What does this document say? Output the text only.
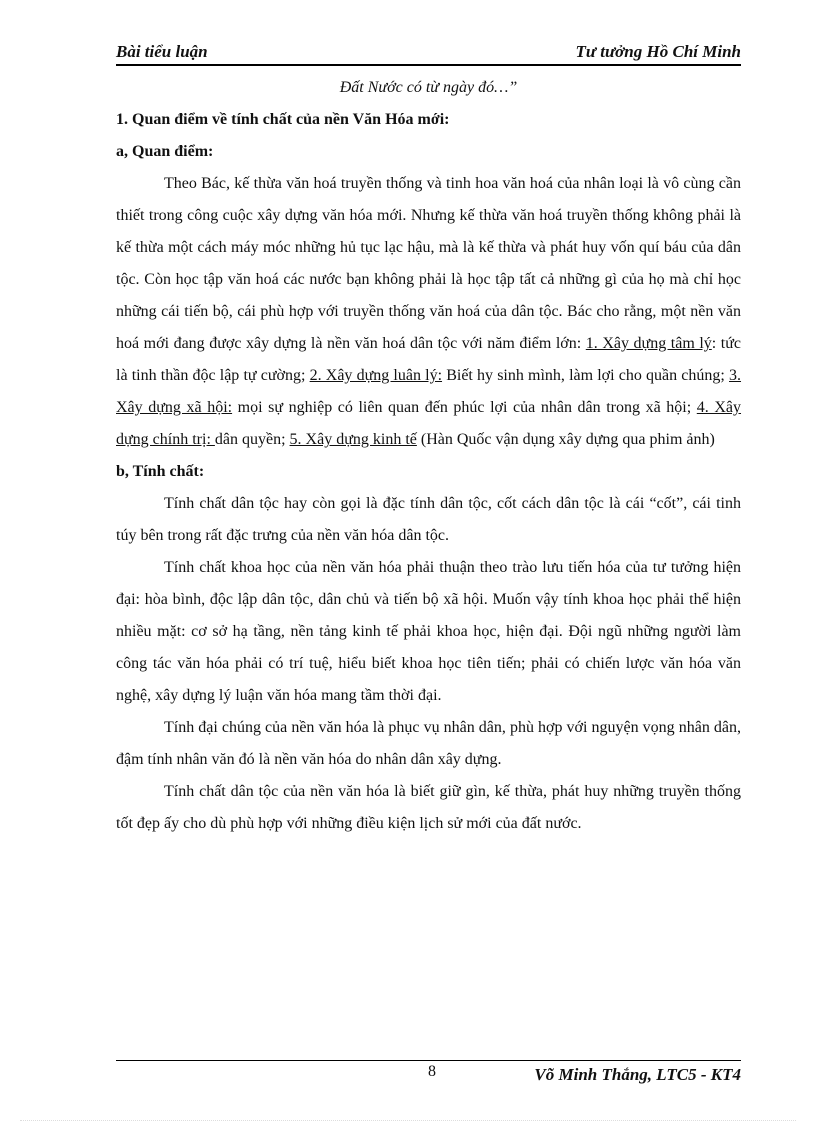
Bài tiểu luận	Tư tưởng Hồ Chí Minh
Đất Nước có từ ngày đó…”
1. Quan điểm về tính chất của nền Văn Hóa mới:
a, Quan điểm:
Theo Bác, kế thừa văn hoá truyền thống và tinh hoa văn hoá của nhân loại là vô cùng cần thiết trong công cuộc xây dựng văn hóa mới. Nhưng kế thừa văn hoá truyền thống không phải là kế thừa một cách máy móc những hủ tục lạc hậu, mà là kế thừa và phát huy vốn quí báu của dân tộc. Còn học tập văn hoá các nước bạn không phải là học tập tất cả những gì của họ mà chỉ học những cái tiến bộ, cái phù hợp với truyền thống văn hoá của dân tộc. Bác cho rằng, một nền văn hoá mới đang được xây dựng là nền văn hoá dân tộc với năm điểm lớn: 1. Xây dựng tâm lý: tức là tinh thần độc lập tự cường; 2. Xây dựng luân lý: Biết hy sinh mình, làm lợi cho quần chúng; 3. Xây dựng xã hội: mọi sự nghiệp có liên quan đến phúc lợi của nhân dân trong xã hội; 4. Xây dựng chính trị: dân quyền; 5. Xây dựng kinh tế (Hàn Quốc vận dụng xây dựng qua phim ảnh)
b, Tính chất:
Tính chất dân tộc hay còn gọi là đặc tính dân tộc, cốt cách dân tộc là cái “cốt”, cái tinh túy bên trong rất đặc trưng của nền văn hóa dân tộc.
Tính chất khoa học của nền văn hóa phải thuận theo trào lưu tiến hóa của tư tưởng hiện đại: hòa bình, độc lập dân tộc, dân chủ và tiến bộ xã hội. Muốn vậy tính khoa học phải thể hiện nhiều mặt: cơ sở hạ tầng, nền tảng kinh tế phải khoa học, hiện đại. Đội ngũ những người làm công tác văn hóa phải có trí tuệ, hiểu biết khoa học tiên tiến; phải có chiến lược văn hóa văn nghệ, xây dựng lý luận văn hóa mang tầm thời đại.
Tính đại chúng của nền văn hóa là phục vụ nhân dân, phù hợp với nguyện vọng nhân dân, đậm tính nhân văn đó là nền văn hóa do nhân dân xây dựng.
Tính chất dân tộc của nền văn hóa là biết giữ gìn, kế thừa, phát huy những truyền thống tốt đẹp ấy cho dù phù hợp với những điều kiện lịch sử mới của đất nước.
8	Võ Minh Thắng, LTC5 - KT4
